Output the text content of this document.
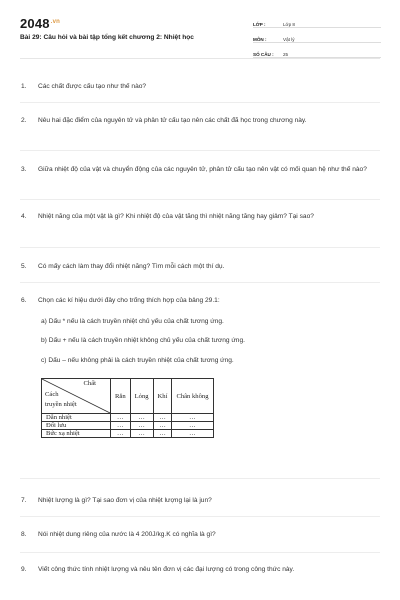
$2048^{.vn}$
Bài 29: Câu hỏi và bài tập tổng kết chương 2: Nhiệt học
LỚP :	Lớp 8
MÔN :	Vật lý
SỐ CÂU :	25
1. Các chất được cấu tạo như thế nào?
2. Nêu hai đặc điểm của nguyên tử và phân tử cấu tạo nên các chất đã học trong chương này.
3. Giữa nhiệt độ của vật và chuyển động của các nguyên tử, phân tử cấu tạo nên vật có mối quan hệ như thế nào?
4. Nhiệt năng của một vật là gì? Khi nhiệt độ của vật tăng thì nhiệt năng tăng hay giảm? Tại sao?
5. Có mấy cách làm thay đổi nhiệt năng? Tìm mỗi cách một thí dụ.
6. Chọn các kí hiệu dưới đây cho trống thích hợp của bảng 29.1:
a) Dấu * nếu là cách truyền nhiệt chủ yếu của chất tương ứng.
b) Dấu + nếu là cách truyền nhiệt không chủ yếu của chất tương ứng.
c) Dấu – nếu không phải là cách truyền nhiệt của chất tương ứng.
Chất
Cách
truyền nhiệt	Rắn	Lỏng	Khí	Chân không
Dẫn nhiệt	…	…	…	…
Đối lưu	…	…	…	…
Bức xạ nhiệt	…	…	…	…
7. Nhiệt lượng là gì? Tại sao đơn vị của nhiệt lượng lại là jun?
8. Nói nhiệt dung riêng của nước là 4 200J/kg.K có nghĩa là gì?
9. Viết công thức tính nhiệt lượng và nêu tên đơn vị các đại lượng có trong công thức này.
